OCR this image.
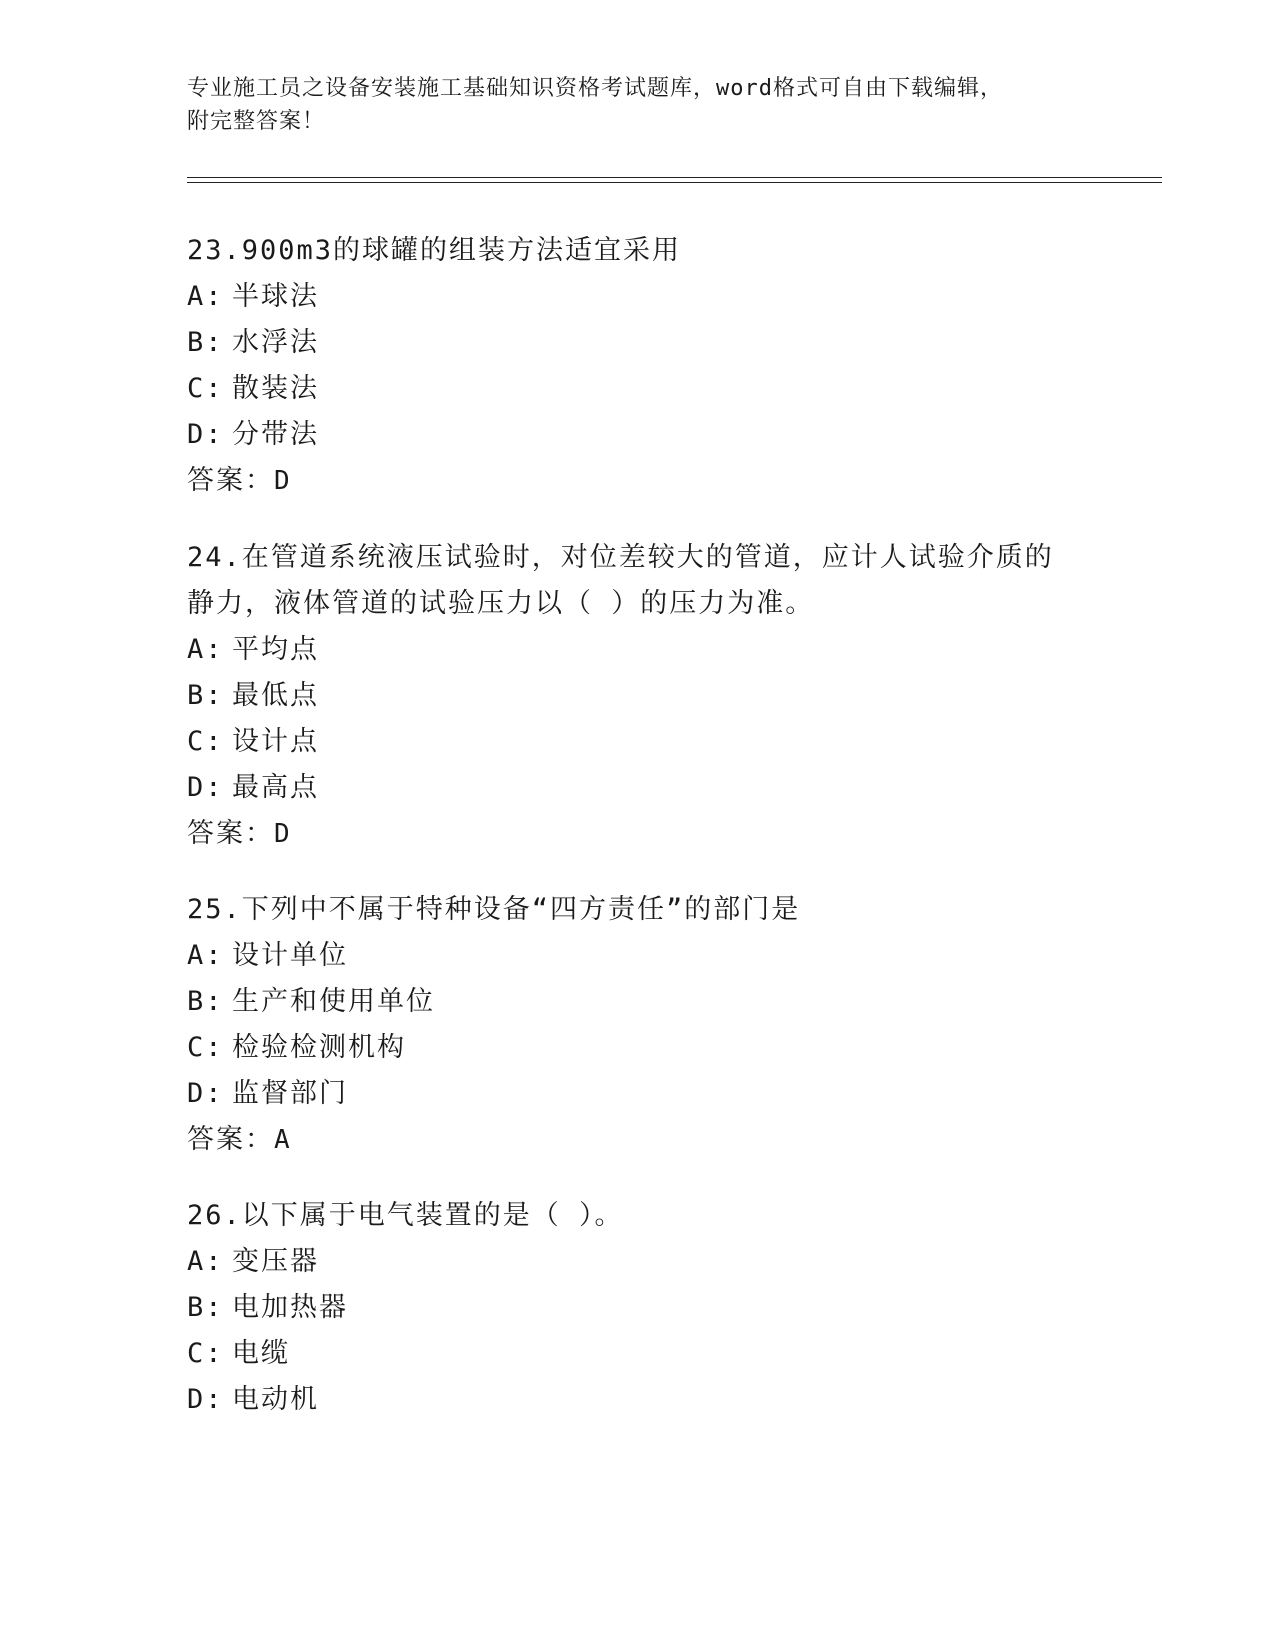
专业施工员之设备安装施工基础知识资格考试题库，word格式可自由下载编辑，
附完整答案！

23.900m3的球罐的组装方法适宜采用

A: 半球法
B: 水浮法
C: 散装法
D: 分带法
答案：D

24.在管道系统液压试验时，对位差较大的管道，应计人试验介质的静力，液体管道的试验压力以（ ）的压力为准。

A: 平均点
B: 最低点
C: 设计点
D: 最高点
答案：D

25.下列中不属于特种设备“四方责任”的部门是

A: 设计单位
B: 生产和使用单位
C: 检验检测机构
D: 监督部门
答案：A

26.以下属于电气装置的是（ ）。

A: 变压器
B: 电加热器
C: 电缆
D: 电动机
